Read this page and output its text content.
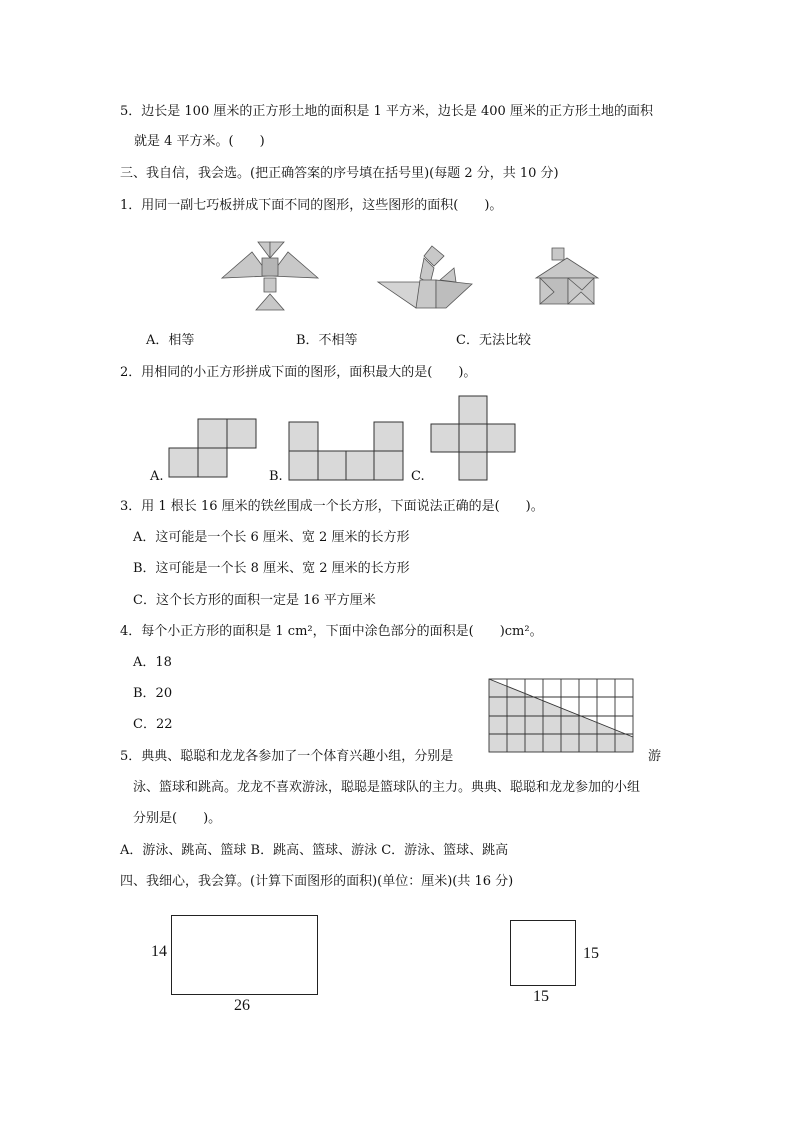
5．边长是 100 厘米的正方形土地的面积是 1 平方米，边长是 400 厘米的正方形土地的面积
就是 4 平方米。(　　)
三、我自信，我会选。(把正确答案的序号填在括号里)(每题 2 分，共 10 分)
1．用同一副七巧板拼成下面不同的图形，这些图形的面积(　　)。
A．相等	B．不相等	C．无法比较
2．用相同的小正方形拼成下面的图形，面积最大的是(　　)。
A.	B.	C.
3．用 1 根长 16 厘米的铁丝围成一个长方形，下面说法正确的是(　　)。
A．这可能是一个长 6 厘米、宽 2 厘米的长方形
B．这可能是一个长 8 厘米、宽 2 厘米的长方形
C．这个长方形的面积一定是 16 平方厘米
4．每个小正方形的面积是 1 cm²，下面中涂色部分的面积是(　　)cm²。
A．18
B．20
C．22
5．典典、聪聪和龙龙各参加了一个体育兴趣小组，分别是	游
泳、篮球和跳高。龙龙不喜欢游泳，聪聪是篮球队的主力。典典、聪聪和龙龙参加的小组
分别是(　　)。
A．游泳、跳高、篮球 B．跳高、篮球、游泳 C．游泳、篮球、跳高
四、我细心，我会算。(计算下面图形的面积)(单位：厘米)(共 16 分)
14
26
15
15
